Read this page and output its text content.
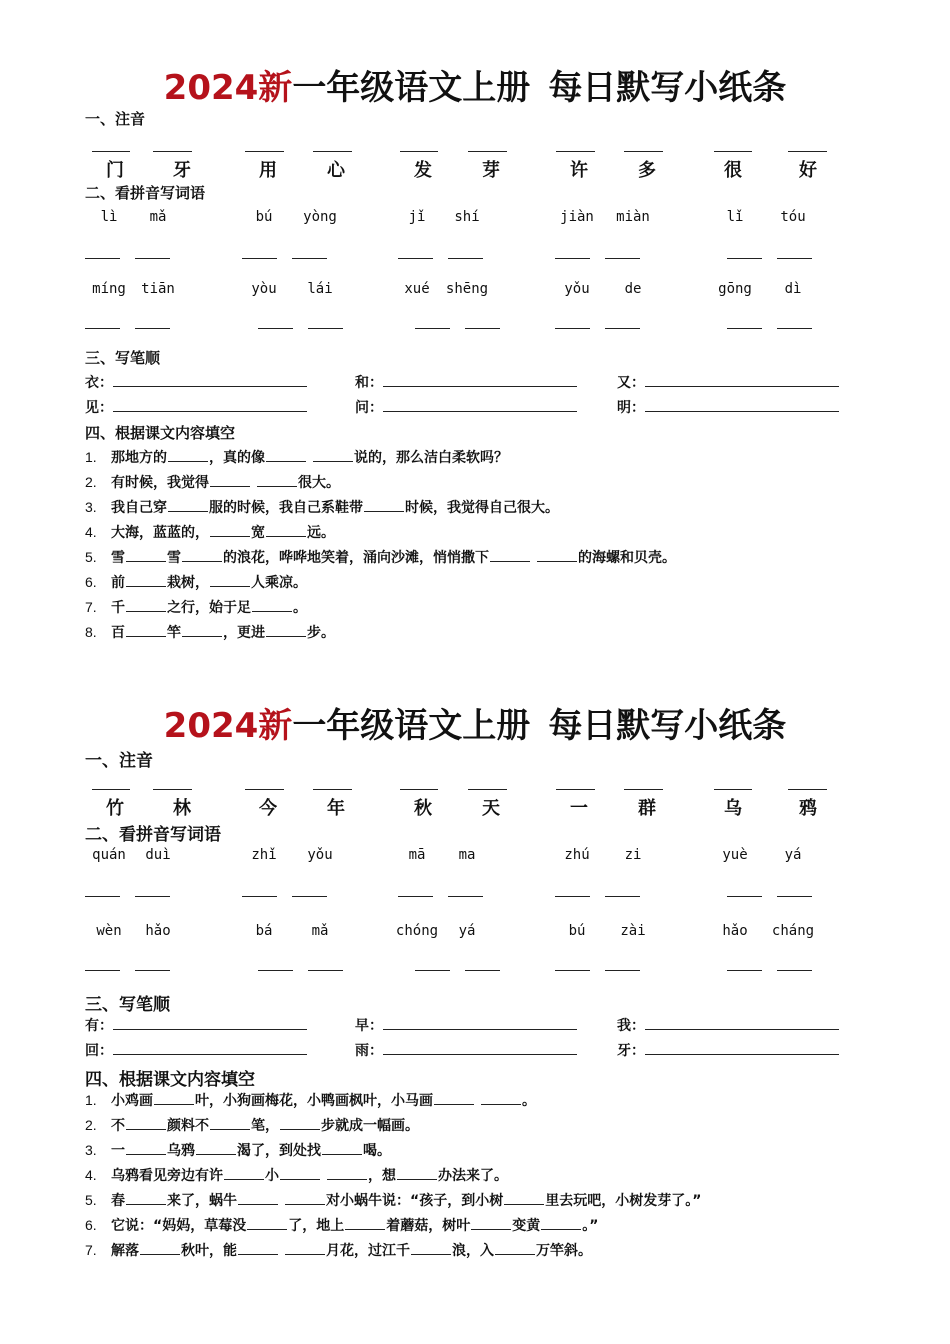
2024新一年级语文上册 每日默写小纸条
一、注音
门	牙	用	心	发	芽	许	多	很	好
二、看拼音写词语
lì mǎ	bú yòng	jǐ shí	jiàn miàn	lǐ	tóu
míng tiān	yòu lái	xué shēng	yǒu de	gōng dì
三、写笔顺
衣：	和：	又：
见：	问：	明：
四、根据课文内容填空
1. 那地方的	，真的像	说的，那么洁白柔软吗？
2. 有时候，我觉得	很大。
3. 我自己穿	服的时候，我自己系鞋带	时候，我觉得自己很大。
4. 大海，蓝蓝的，	宽	远。
5. 雪	雪	的浪花，哗哗地笑着，涌向沙滩，悄悄撒下	的海螺和贝壳。
6. 前	栽树，	人乘凉。
7. 千	之行，始于足	。
8. 百	竿	，更进	步。
2024新一年级语文上册 每日默写小纸条
一、注音
竹	林	今	年	秋	天	一	群	乌	鸦
二、看拼音写词语
quán duì	zhǐ yǒu	mā ma	zhú zi	yuè	yá
wèn hǎo	bá	mǎ	chóng yá	bú zài	hǎo cháng
三、写笔顺
有：	早：	我：
回：	雨：	牙：
四、根据课文内容填空
1. 小鸡画	叶，小狗画梅花，小鸭画枫叶，小马画	。
2. 不	颜料不	笔，	步就成一幅画。
3. 一	乌鸦	渴了，到处找	喝。
4. 乌鸦看见旁边有许	小	，想	办法来了。
5. 春	来了，蜗牛	对小蜗牛说：“孩子，到小树	里去玩吧，小树发芽了。”
6. 它说：“妈妈，草莓没	了，地上	着蘑菇，树叶	变黄	。”
7. 解落	秋叶，能	月花，过江千	浪，入	万竿斜。
